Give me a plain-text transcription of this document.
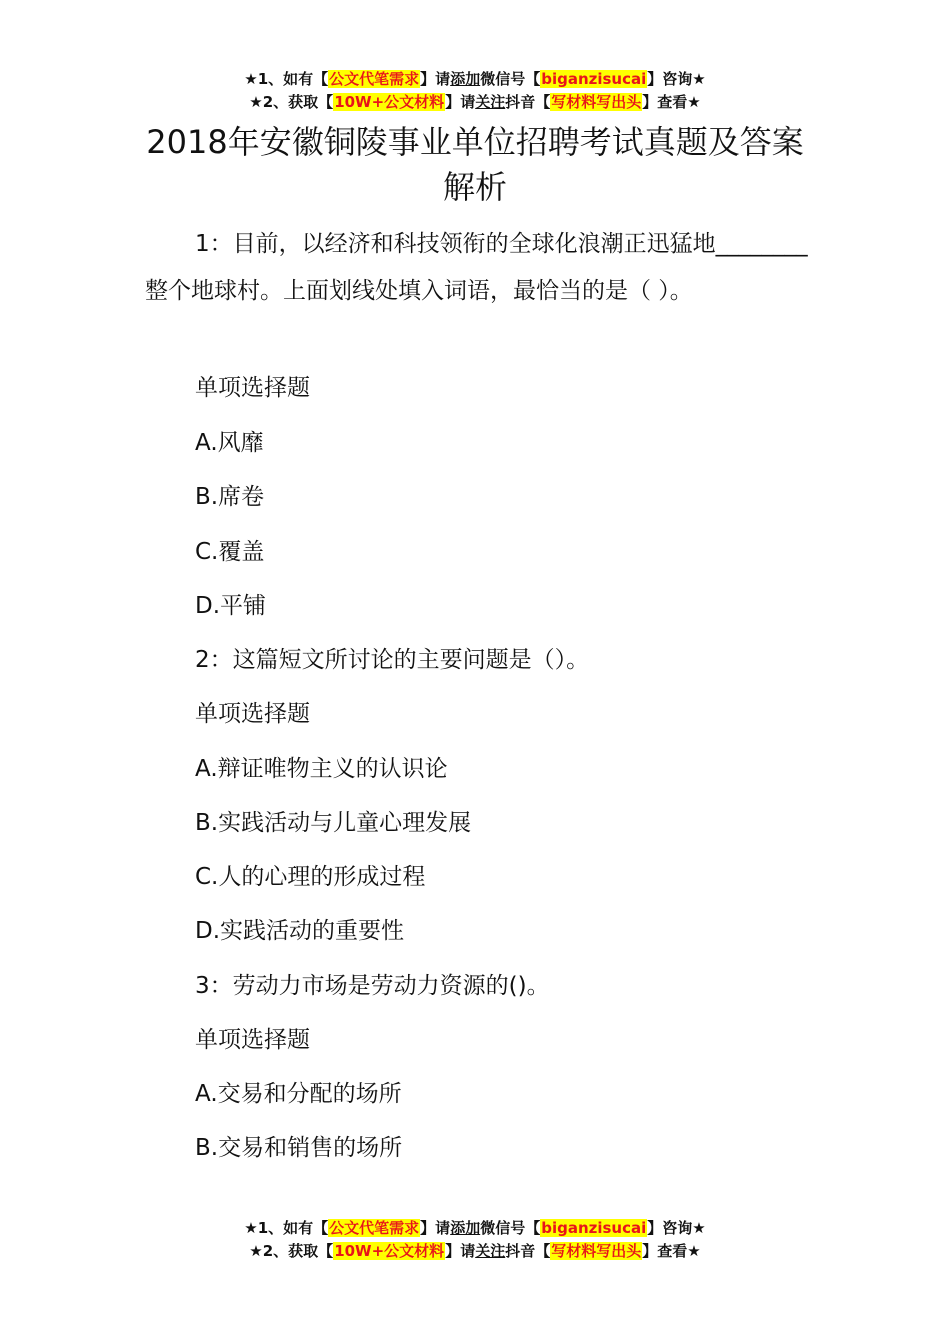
★1、如有【公文代笔需求】请添加微信号【biganzisucai】咨询★
★2、获取【10W+公文材料】请关注抖音【写材料写出头】查看★
2018年安徽铜陵事业单位招聘考试真题及答案解析

1：目前，以经济和科技领衔的全球化浪潮正迅猛地________整个地球村。上面划线处填入词语，最恰当的是（ ）。

单项选择题

A.风靡

B.席卷

C.覆盖

D.平铺

2：这篇短文所讨论的主要问题是（）。

单项选择题

A.辩证唯物主义的认识论

B.实践活动与儿童心理发展

C.人的心理的形成过程

D.实践活动的重要性

3：劳动力市场是劳动力资源的()。

单项选择题

A.交易和分配的场所

B.交易和销售的场所

★1、如有【公文代笔需求】请添加微信号【biganzisucai】咨询★
★2、获取【10W+公文材料】请关注抖音【写材料写出头】查看★
